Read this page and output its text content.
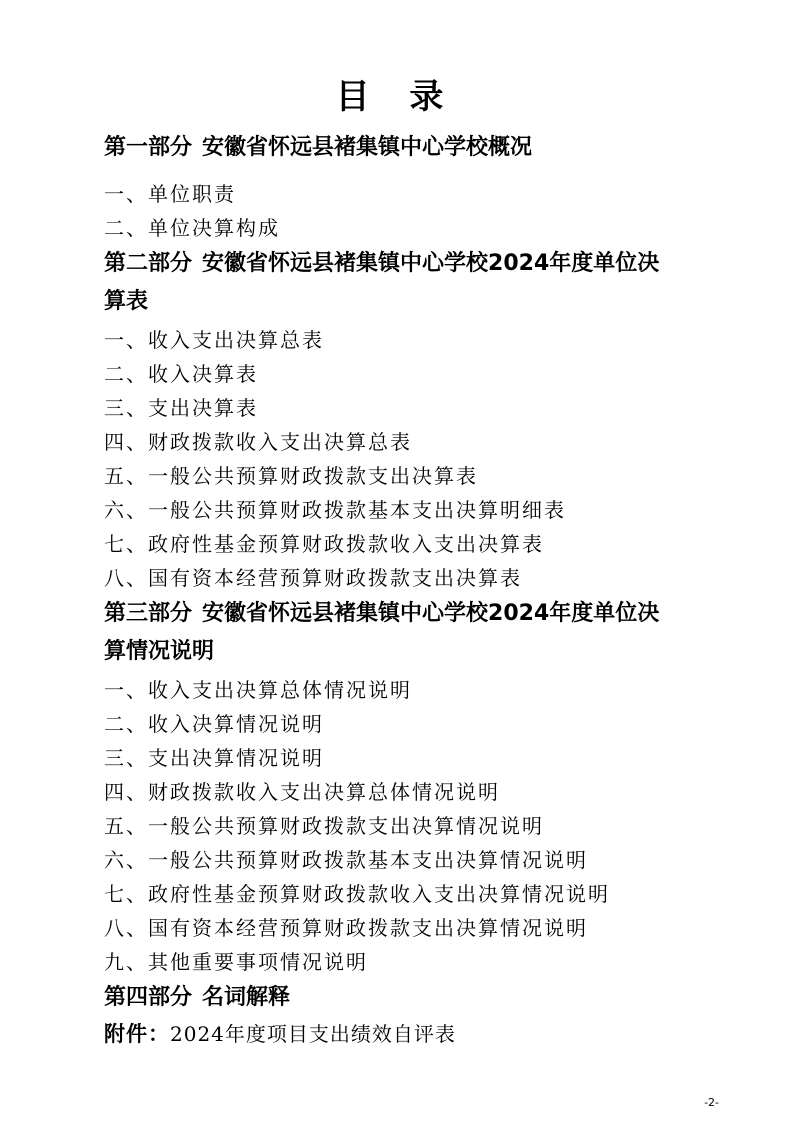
目 录

第一部分 安徽省怀远县褚集镇中心学校概况

一、单位职责

二、单位决算构成

第二部分 安徽省怀远县褚集镇中心学校2024年度单位决
算表

一、收入支出决算总表

二、收入决算表

三、支出决算表

四、财政拨款收入支出决算总表

五、一般公共预算财政拨款支出决算表

六、一般公共预算财政拨款基本支出决算明细表

七、政府性基金预算财政拨款收入支出决算表

八、国有资本经营预算财政拨款支出决算表

第三部分 安徽省怀远县褚集镇中心学校2024年度单位决
算情况说明

一、收入支出决算总体情况说明

二、收入决算情况说明

三、支出决算情况说明

四、财政拨款收入支出决算总体情况说明

五、一般公共预算财政拨款支出决算情况说明

六、一般公共预算财政拨款基本支出决算情况说明

七、政府性基金预算财政拨款收入支出决算情况说明

八、国有资本经营预算财政拨款支出决算情况说明

九、其他重要事项情况说明

第四部分 名词解释

附件：2024年度项目支出绩效自评表

-2-
